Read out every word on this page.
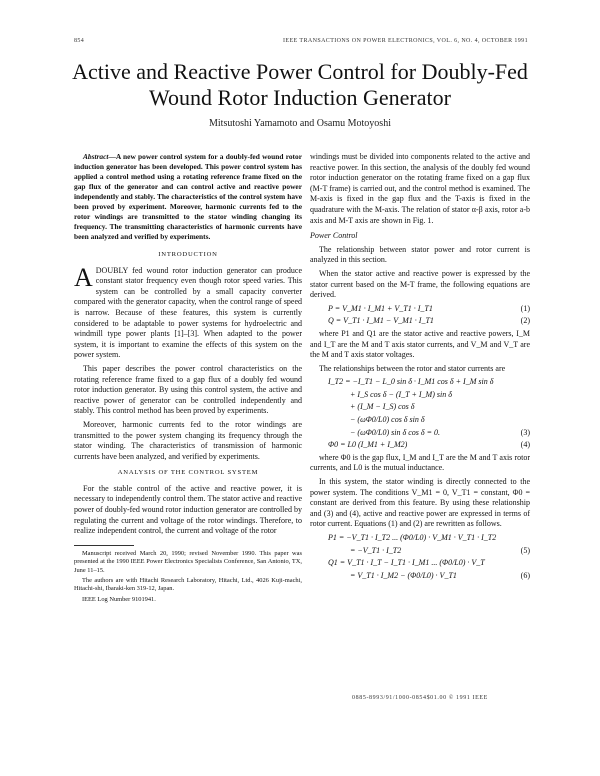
854	IEEE TRANSACTIONS ON POWER ELECTRONICS, VOL. 6, NO. 4, OCTOBER 1991
Active and Reactive Power Control for Doubly-Fed
Wound Rotor Induction Generator
Mitsutoshi Yamamoto and Osamu Motoyoshi

Abstract—A new power control system for a doubly-fed wound rotor induction generator has been developed. This power control system has applied a control method using a rotating reference frame fixed on the gap flux of the generator and can control active and reactive power independently and stably. The characteristics of the control system have been proved by experiment. Moreover, harmonic currents fed to the rotor windings are transmitted to the stator winding changing its frequency. The transmitting characteristics of harmonic currents have been analyzed and verified by experiments.

INTRODUCTION

ADOUBLY fed wound rotor induction generator can produce constant stator frequency even though rotor speed varies. This system can be controlled by a small capacity converter compared with the generator capacity, when the control range of speed is narrow. Because of these features, this system is currently considered to be adaptable to power systems for hydroelectric and windmill type power plants [1]–[3]. When adapted to the power system, it is important to examine the effects of this system on the power system.

This paper describes the power control characteristics on the rotating reference frame fixed to a gap flux of a doubly fed wound rotor induction generator. By using this control system, the active and reactive power of generator can be controlled independently and stably. This control method has been proved by experiments.

Moreover, harmonic currents fed to the rotor windings are transmitted to the power system changing its frequency through the stator winding. The characteristics of transmission of harmonic currents have been analyzed, and verified by experiments.

ANALYSIS OF THE CONTROL SYSTEM

For the stable control of the active and reactive power, it is necessary to independently control them. The stator active and reactive power of doubly-fed wound rotor induction generator are controlled by regulating the current and voltage of the rotor windings. Therefore, to realize independent control, the current and voltage of the rotor

Manuscript received March 20, 1990; revised November 1990. This paper was presented at the 1990 IEEE Power Electronics Specialists Conference, San Antonio, TX, June 11–15.

The authors are with Hitachi Research Laboratory, Hitachi, Ltd., 4026 Kuji-machi, Hitachi-shi, Ibaraki-ken 319-12, Japan.

IEEE Log Number 9101941.

windings must be divided into components related to the active and reactive power. In this section, the analysis of the doubly fed wound rotor induction generator on the rotating frame fixed on a gap flux (M-T frame) is carried out, and the control method is examined. The M-axis is fixed in the gap flux and the T-axis is fixed in the quadrature with the M-axis. The relation of stator α-β axis, rotor a-b axis and M-T axis are shown in Fig. 1.

Power Control

The relationship between stator power and rotor current is analyzed in this section.

When the stator active and reactive power is expressed by the stator current based on the M-T frame, the following equations are derived.

P = V_M1 · I_M1 + V_T1 · I_T1	(1)
Q = V_T1 · I_M1 − V_M1 · I_T1	(2)

where P1 and Q1 are the stator active and reactive powers, I_M and I_T are the M and T axis stator currents, and V_M and V_T are the M and T axis stator voltages.

The relationships between the rotor and stator currents are

I_T2 = −I_T1 − L_0 sin δ · I_M1 cos δ + I_M sin δ
+ I_S cos δ − (I_T + I_M) sin δ
+ (I_M − I_S) cos δ
− (ωΦ0/L0) cos δ sin δ
− (ωΦ0/L0) sin δ cos δ = 0.	(3)
Φ0 = L0 (I_M1 + I_M2)	(4)

where Φ0 is the gap flux, I_M and I_T are the M and T axis rotor currents, and L0 is the mutual inductance.

In this system, the stator winding is directly connected to the power system. The conditions V_M1 = 0, V_T1 = constant, Φ0 = constant are derived from this feature. By using these relationship and (3) and (4), active and reactive power are expressed in terms of rotor current. Equations (1) and (2) are rewritten as follows.

P1 = −V_T1 · I_T2 ... (Φ0/L0) · V_M1 · V_T1 · I_T2
= −V_T1 · I_T2	(5)
Q1 = V_T1 · I_T − I_T1 · I_M1 ... (Φ0/L0) · V_T
= V_T1 · I_M2 − (Φ0/L0) · V_T1	(6)
0885-8993/91/1000-0854$01.00 © 1991 IEEE
